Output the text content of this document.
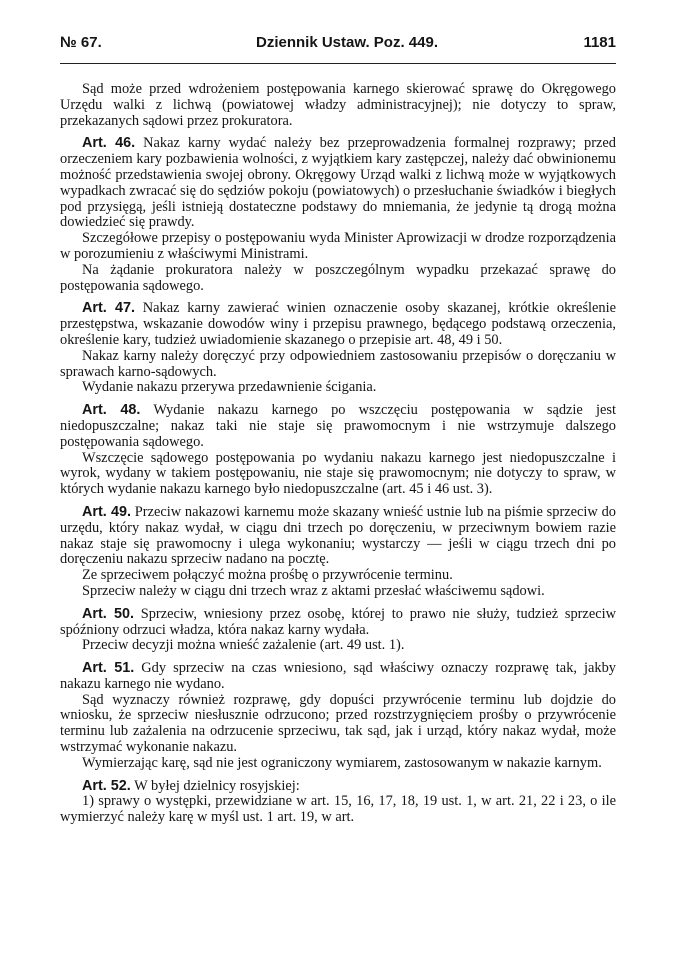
№ 67.	Dziennik Ustaw. Poz. 449.	1181

Sąd może przed wdrożeniem postępowania karnego skierować sprawę do Okręgowego Urzędu walki z lichwą (powiatowej władzy administracyjnej); nie dotyczy to spraw, przekazanych sądowi przez prokuratora.

Art. 46. Nakaz karny wydać należy bez przeprowadzenia formalnej rozprawy; przed orzeczeniem kary pozbawienia wolności, z wyjątkiem kary zastępczej, należy dać obwinionemu możność przedstawienia swojej obrony. Okręgowy Urząd walki z lichwą może w wyjątkowych wypadkach zwracać się do sędziów pokoju (powiatowych) o przesłuchanie świadków i biegłych pod przysięgą, jeśli istnieją dostateczne podstawy do mniemania, że jedynie tą drogą można dowiedzieć się prawdy.

Szczegółowe przepisy o postępowaniu wyda Minister Aprowizacji w drodze rozporządzenia w porozumieniu z właściwymi Ministrami.

Na żądanie prokuratora należy w poszczególnym wypadku przekazać sprawę do postępowania sądowego.

Art. 47. Nakaz karny zawierać winien oznaczenie osoby skazanej, krótkie określenie przestępstwa, wskazanie dowodów winy i przepisu prawnego, będącego podstawą orzeczenia, określenie kary, tudzież uwiadomienie skazanego o przepisie art. 48, 49 i 50.

Nakaz karny należy doręczyć przy odpowiedniem zastosowaniu przepisów o doręczaniu w sprawach karno-sądowych.

Wydanie nakazu przerywa przedawnienie ścigania.

Art. 48. Wydanie nakazu karnego po wszczęciu postępowania w sądzie jest niedopuszczalne; nakaz taki nie staje się prawomocnym i nie wstrzymuje dalszego postępowania sądowego.

Wszczęcie sądowego postępowania po wydaniu nakazu karnego jest niedopuszczalne i wyrok, wydany w takiem postępowaniu, nie staje się prawomocnym; nie dotyczy to spraw, w których wydanie nakazu karnego było niedopuszczalne (art. 45 i 46 ust. 3).

Art. 49. Przeciw nakazowi karnemu może skazany wnieść ustnie lub na piśmie sprzeciw do urzędu, który nakaz wydał, w ciągu dni trzech po doręczeniu, w przeciwnym bowiem razie nakaz staje się prawomocny i ulega wykonaniu; wystarczy — jeśli w ciągu trzech dni po doręczeniu nakazu sprzeciw nadano na pocztę.

Ze sprzeciwem połączyć można prośbę o przywrócenie terminu.

Sprzeciw należy w ciągu dni trzech wraz z aktami przesłać właściwemu sądowi.

Art. 50. Sprzeciw, wniesiony przez osobę, której to prawo nie służy, tudzież sprzeciw spóźniony odrzuci władza, która nakaz karny wydała.

Przeciw decyzji można wnieść zażalenie (art. 49 ust. 1).

Art. 51. Gdy sprzeciw na czas wniesiono, sąd właściwy oznaczy rozprawę tak, jakby nakazu karnego nie wydano.

Sąd wyznaczy również rozprawę, gdy dopuści przywrócenie terminu lub dojdzie do wniosku, że sprzeciw niesłusznie odrzucono; przed rozstrzygnięciem prośby o przywrócenie terminu lub zażalenia na odrzucenie sprzeciwu, tak sąd, jak i urząd, który nakaz wydał, może wstrzymać wykonanie nakazu.

Wymierzając karę, sąd nie jest ograniczony wymiarem, zastosowanym w nakazie karnym.

Art. 52. W byłej dzielnicy rosyjskiej:

1) sprawy o występki, przewidziane w art. 15, 16, 17, 18, 19 ust. 1, w art. 21, 22 i 23, o ile wymierzyć należy karę w myśl ust. 1 art. 19, w art.
